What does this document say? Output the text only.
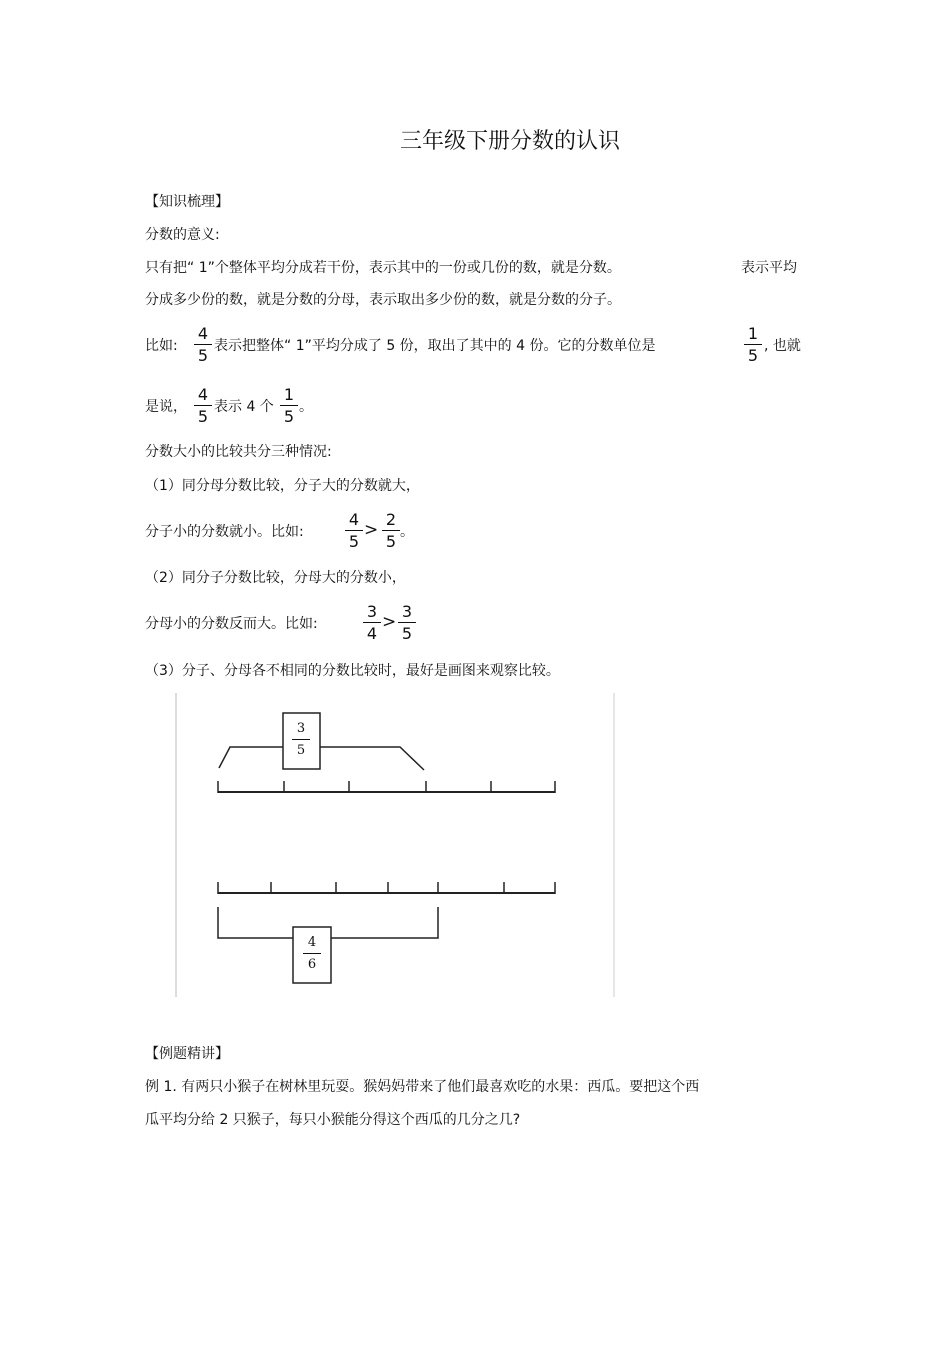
三年级下册分数的认识
【知识梳理】
分数的意义:
只有把“ 1”个整体平均分成若干份，表示其中的一份或几份的数，就是分数。	表示平均
分成多少份的数，就是分数的分母，表示取出多少份的数，就是分数的分子。
比如:
4
5 表示把整体“ 1”平均分成了 5 份，取出了其中的 4 份。它的分数单位是
1
5 , 也就
是说，
4
5 表示 4 个
1
5 。
分数大小的比较共分三种情况:
（1）同分母分数比较，分子大的分数就大，
分子小的分数就小。比如:
4
5
>
2
5 。
（2）同分子分数比较，分母大的分数小，
分母小的分数反而大。比如:
3
4
>
3
5
（3）分子、分母各不相同的分数比较时，最好是画图来观察比较。
3
5
4
6
【例题精讲】
例 1. 有两只小猴子在树林里玩耍。猴妈妈带来了他们最喜欢吃的水果：西瓜。要把这个西
瓜平均分给 2 只猴子，每只小猴能分得这个西瓜的几分之几?
